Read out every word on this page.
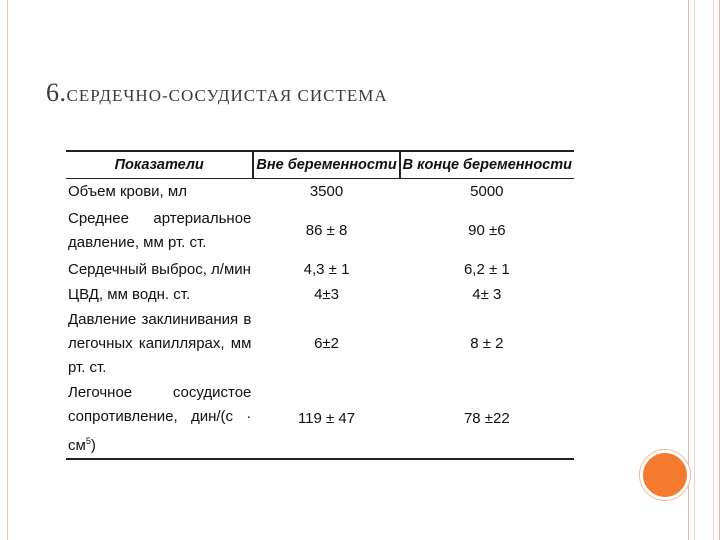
6.СЕРДЕЧНО-СОСУДИСТАЯ СИСТЕМА
Показатели	Вне беременности	В конце беременности
Объем крови, мл	3500	5000
Среднее артериальное давление, мм рт. ст.	86 ± 8	90 ±6
Сердечный выброс, л/мин	4,3 ± 1	6,2 ± 1
ЦВД, мм водн. ст.	4±3	4± 3
Давление заклинивания в легочных капиллярах, мм рт. ст.	6±2	8 ± 2
Легочное сосудистое сопротивление, $дин/(с \cdot см^5)$	119 ± 47	78 ±22
